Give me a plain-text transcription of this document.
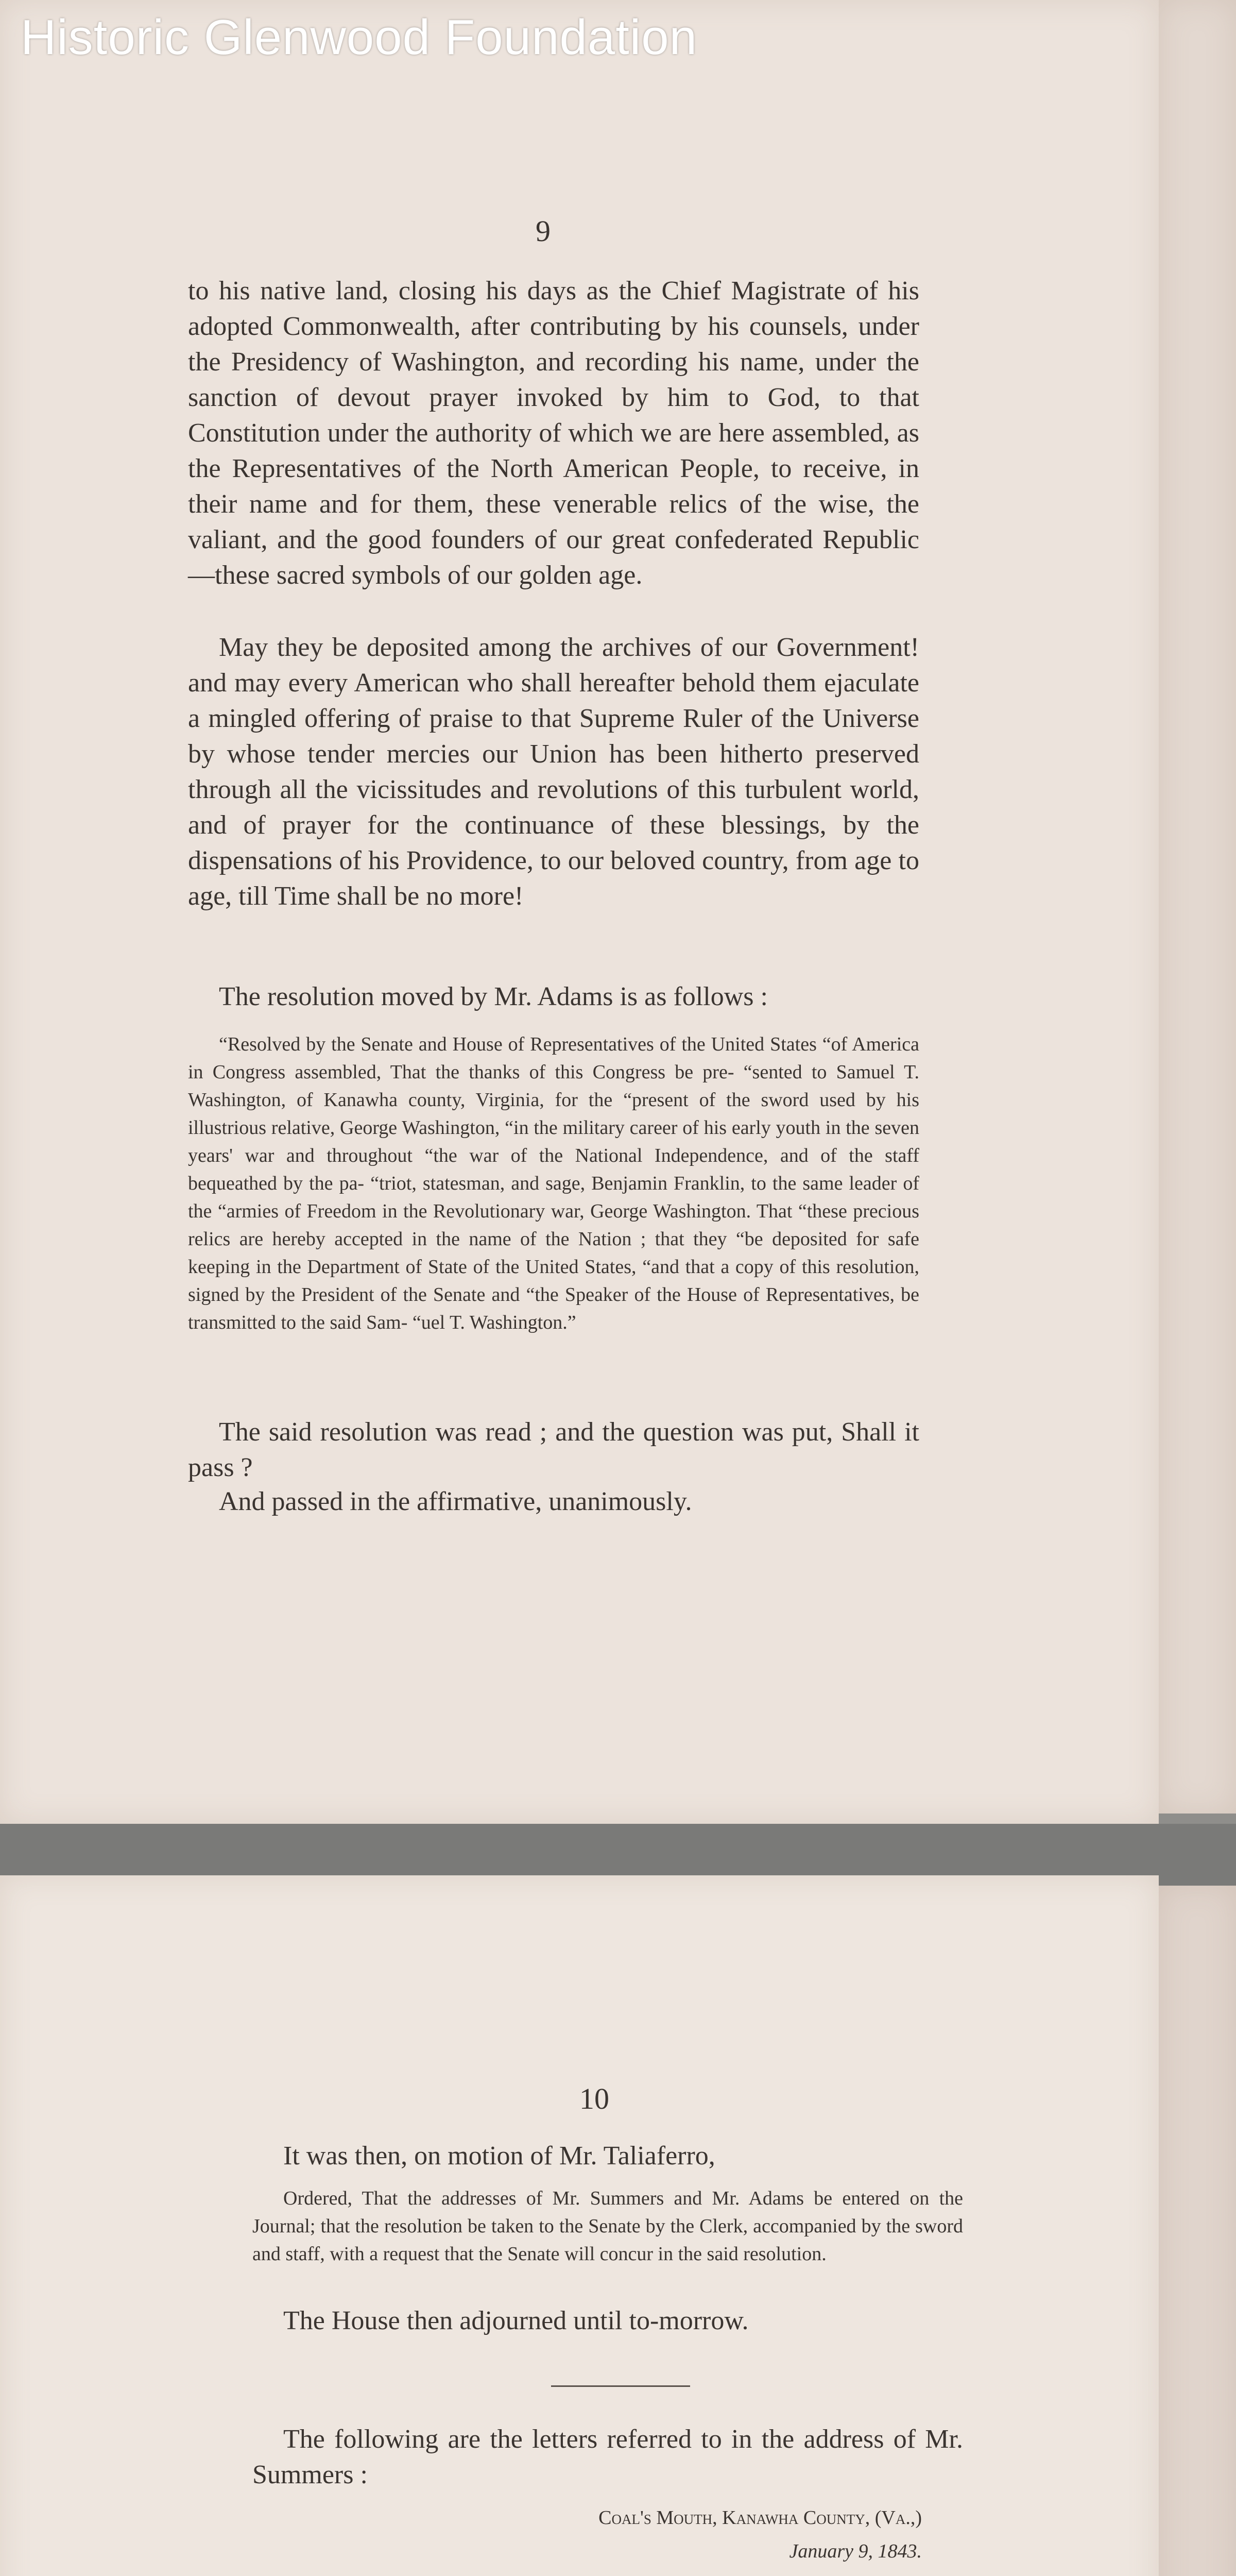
Historic Glenwood Foundation
9

to his native land, closing his days as the Chief Magistrate of his adopted Commonwealth, after contributing by his counsels, under the Presidency of Washington, and recording his name, under the sanction of devout prayer invoked by him to God, to that Constitution under the authority of which we are here assembled, as the Representatives of the North American People, to receive, in their name and for them, these venerable relics of the wise, the valiant, and the good founders of our great confederated Republic—these sacred symbols of our golden age.

May they be deposited among the archives of our Government! and may every American who shall hereafter behold them ejaculate a mingled offering of praise to that Supreme Ruler of the Universe by whose tender mercies our Union has been hitherto preserved through all the vicissitudes and revolutions of this turbulent world, and of prayer for the continuance of these blessings, by the dispensations of his Providence, to our beloved country, from age to age, till Time shall be no more!

The resolution moved by Mr. Adams is as follows :

“Resolved by the Senate and House of Representatives of the United States “of America in Congress assembled, That the thanks of this Congress be pre- “sented to Samuel T. Washington, of Kanawha county, Virginia, for the “present of the sword used by his illustrious relative, George Washington, “in the military career of his early youth in the seven years' war and throughout “the war of the National Independence, and of the staff bequeathed by the pa- “triot, statesman, and sage, Benjamin Franklin, to the same leader of the “armies of Freedom in the Revolutionary war, George Washington. That “these precious relics are hereby accepted in the name of the Nation ; that they “be deposited for safe keeping in the Department of State of the United States, “and that a copy of this resolution, signed by the President of the Senate and “the Speaker of the House of Representatives, be transmitted to the said Sam- “uel T. Washington.”

The said resolution was read ; and the question was put, Shall it pass ?

And passed in the affirmative, unanimously.

10

It was then, on motion of Mr. Taliaferro,

Ordered, That the addresses of Mr. Summers and Mr. Adams be entered on the Journal; that the resolution be taken to the Senate by the Clerk, accompanied by the sword and staff, with a request that the Senate will concur in the said resolution.

The House then adjourned until to-morrow.

The following are the letters referred to in the address of Mr. Summers :

Coal's Mouth, Kanawha County, (Va.,)

January 9, 1843.
